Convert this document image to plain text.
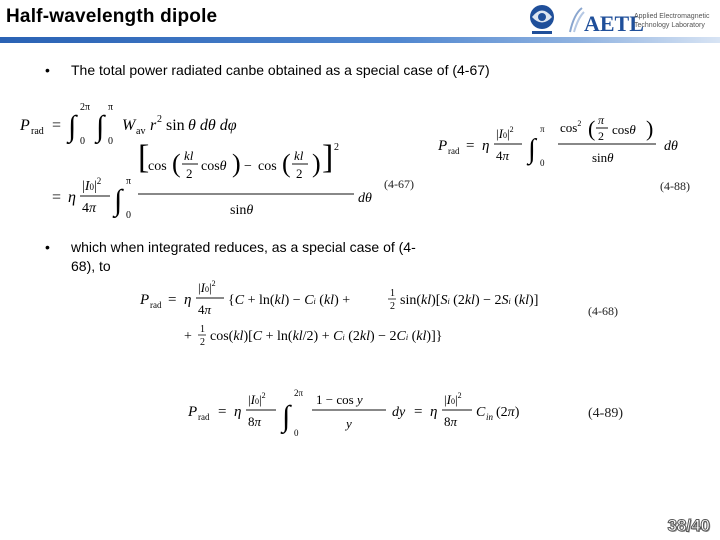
Half-wavelength dipole	AETL
Applied Electromagnetic
Technology Laboratory
• The total power radiated canbe obtained as a special case of (4-67)
P rad = ∫
2π
0 ∫
π
0
W av r 2 sin θ dθ dφ
= η
$|I0|^2$
4π ∫
π
0
[
cos ( kl
2 cosθ ) − cos ( kl
2 ) ] 2
sinθ
dθ
(4-67)
P rad = η
$|I0|^2$
4π ∫
π
0
$\cos^2$ ( π
2 cosθ )
sinθ
dθ
(4-88)
• which when integrated reduces, as a special case of (4-
68), to
P rad = η
$|I0|^2$
4π
{C + ln(kl) − Ci (kl) +	1
2 sin(kl)[Si (2kl) − 2Si (kl)]
+ 1
2 cos(kl)[C + ln(kl/2) + Ci (2kl) − 2Ci (kl)]}
(4-68)
P rad = η
$|I0|^2$
8π ∫
2π
0
1 − cos y
y
dy = η
$|I0|^2$
8π
C in (2π)	(4-89)
38/40
